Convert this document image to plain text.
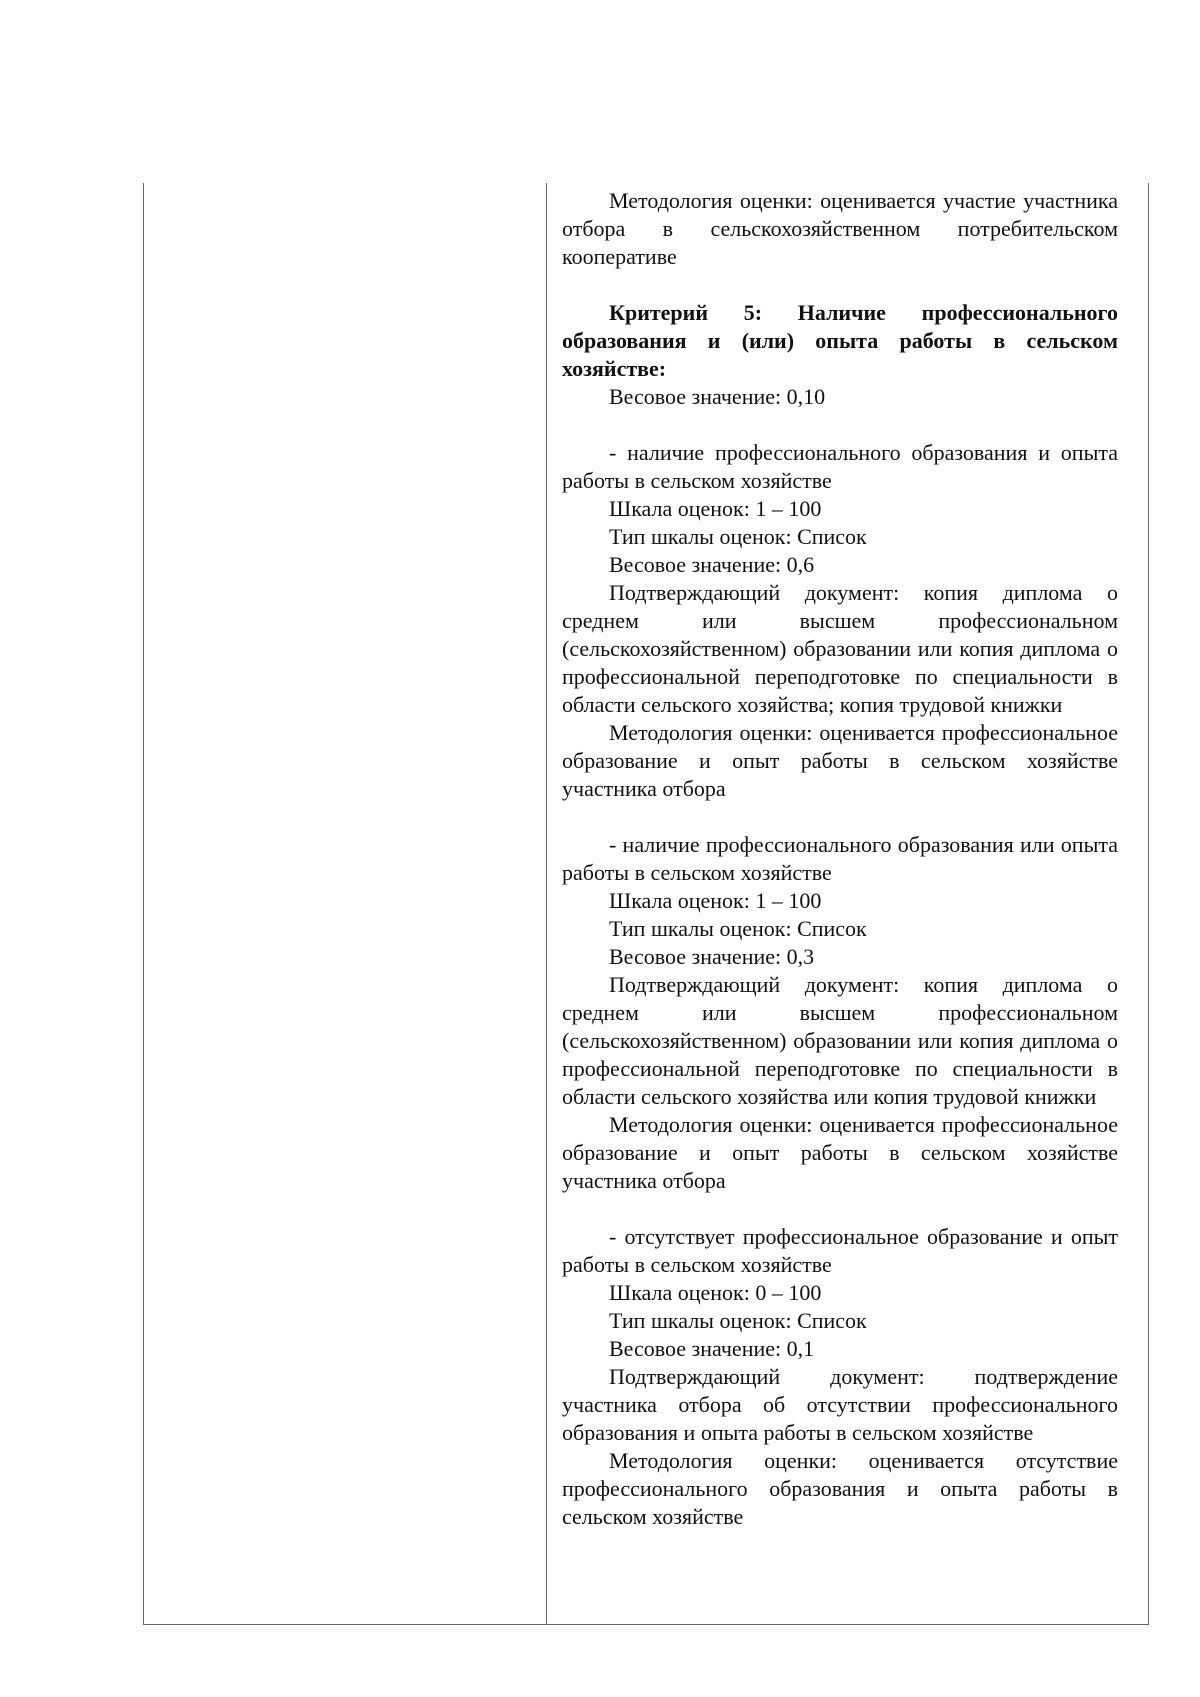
Методология оценки: оценивается участие участника отбора в сельскохозяйственном потребительском кооперативе

Критерий 5: Наличие профессионального образования и (или) опыта работы в сельском хозяйстве:

Весовое значение: 0,10

- наличие профессионального образования и опыта работы в сельском хозяйстве

Шкала оценок: 1 – 100

Тип шкалы оценок: Список

Весовое значение: 0,6

Подтверждающий документ: копия диплома о среднем или высшем профессиональном (сельскохозяйственном) образовании или копия диплома о профессиональной переподготовке по специальности в области сельского хозяйства; копия трудовой книжки

Методология оценки: оценивается профессиональное образование и опыт работы в сельском хозяйстве участника отбора

- наличие профессионального образования или опыта работы в сельском хозяйстве

Шкала оценок: 1 – 100

Тип шкалы оценок: Список

Весовое значение: 0,3

Подтверждающий документ: копия диплома о среднем или высшем профессиональном (сельскохозяйственном) образовании или копия диплома о профессиональной переподготовке по специальности в области сельского хозяйства или копия трудовой книжки

Методология оценки: оценивается профессиональное образование и опыт работы в сельском хозяйстве участника отбора

- отсутствует профессиональное образование и опыт работы в сельском хозяйстве

Шкала оценок: 0 – 100

Тип шкалы оценок: Список

Весовое значение: 0,1

Подтверждающий документ: подтверждение участника отбора об отсутствии профессионального образования и опыта работы в сельском хозяйстве

Методология оценки: оценивается отсутствие профессионального образования и опыта работы в сельском хозяйстве
